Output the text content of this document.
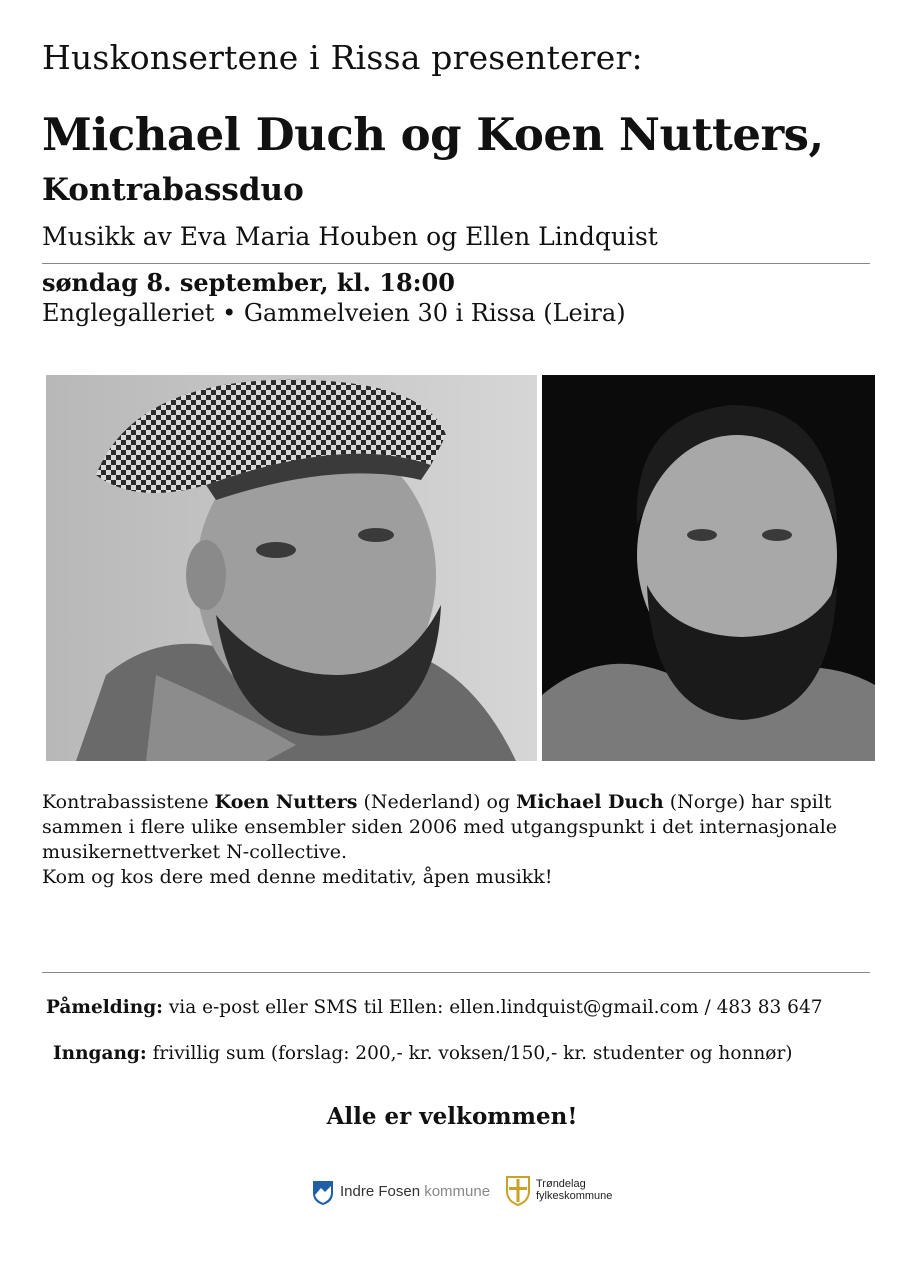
Huskonsertene i Rissa presenterer:
Michael Duch og Koen Nutters,
Kontrabassduo
Musikk av Eva Maria Houben og Ellen Lindquist
søndag 8. september, kl. 18:00
Englegalleriet • Gammelveien 30 i Rissa (Leira)
Kontrabassistene Koen Nutters (Nederland) og Michael Duch (Norge) har spilt sammen i flere ulike ensembler siden 2006 med utgangspunkt i det internasjonale musikernettverket N-collective.
Kom og kos dere med denne meditativ, åpen musikk!
Påmelding: via e-post eller SMS til Ellen: ellen.lindquist@gmail.com / 483 83 647
Inngang: frivillig sum (forslag: 200,- kr. voksen/150,- kr. studenter og honnør)
Alle er velkommen!
Indre Fosen kommune	Trøndelag
fylkeskommune
